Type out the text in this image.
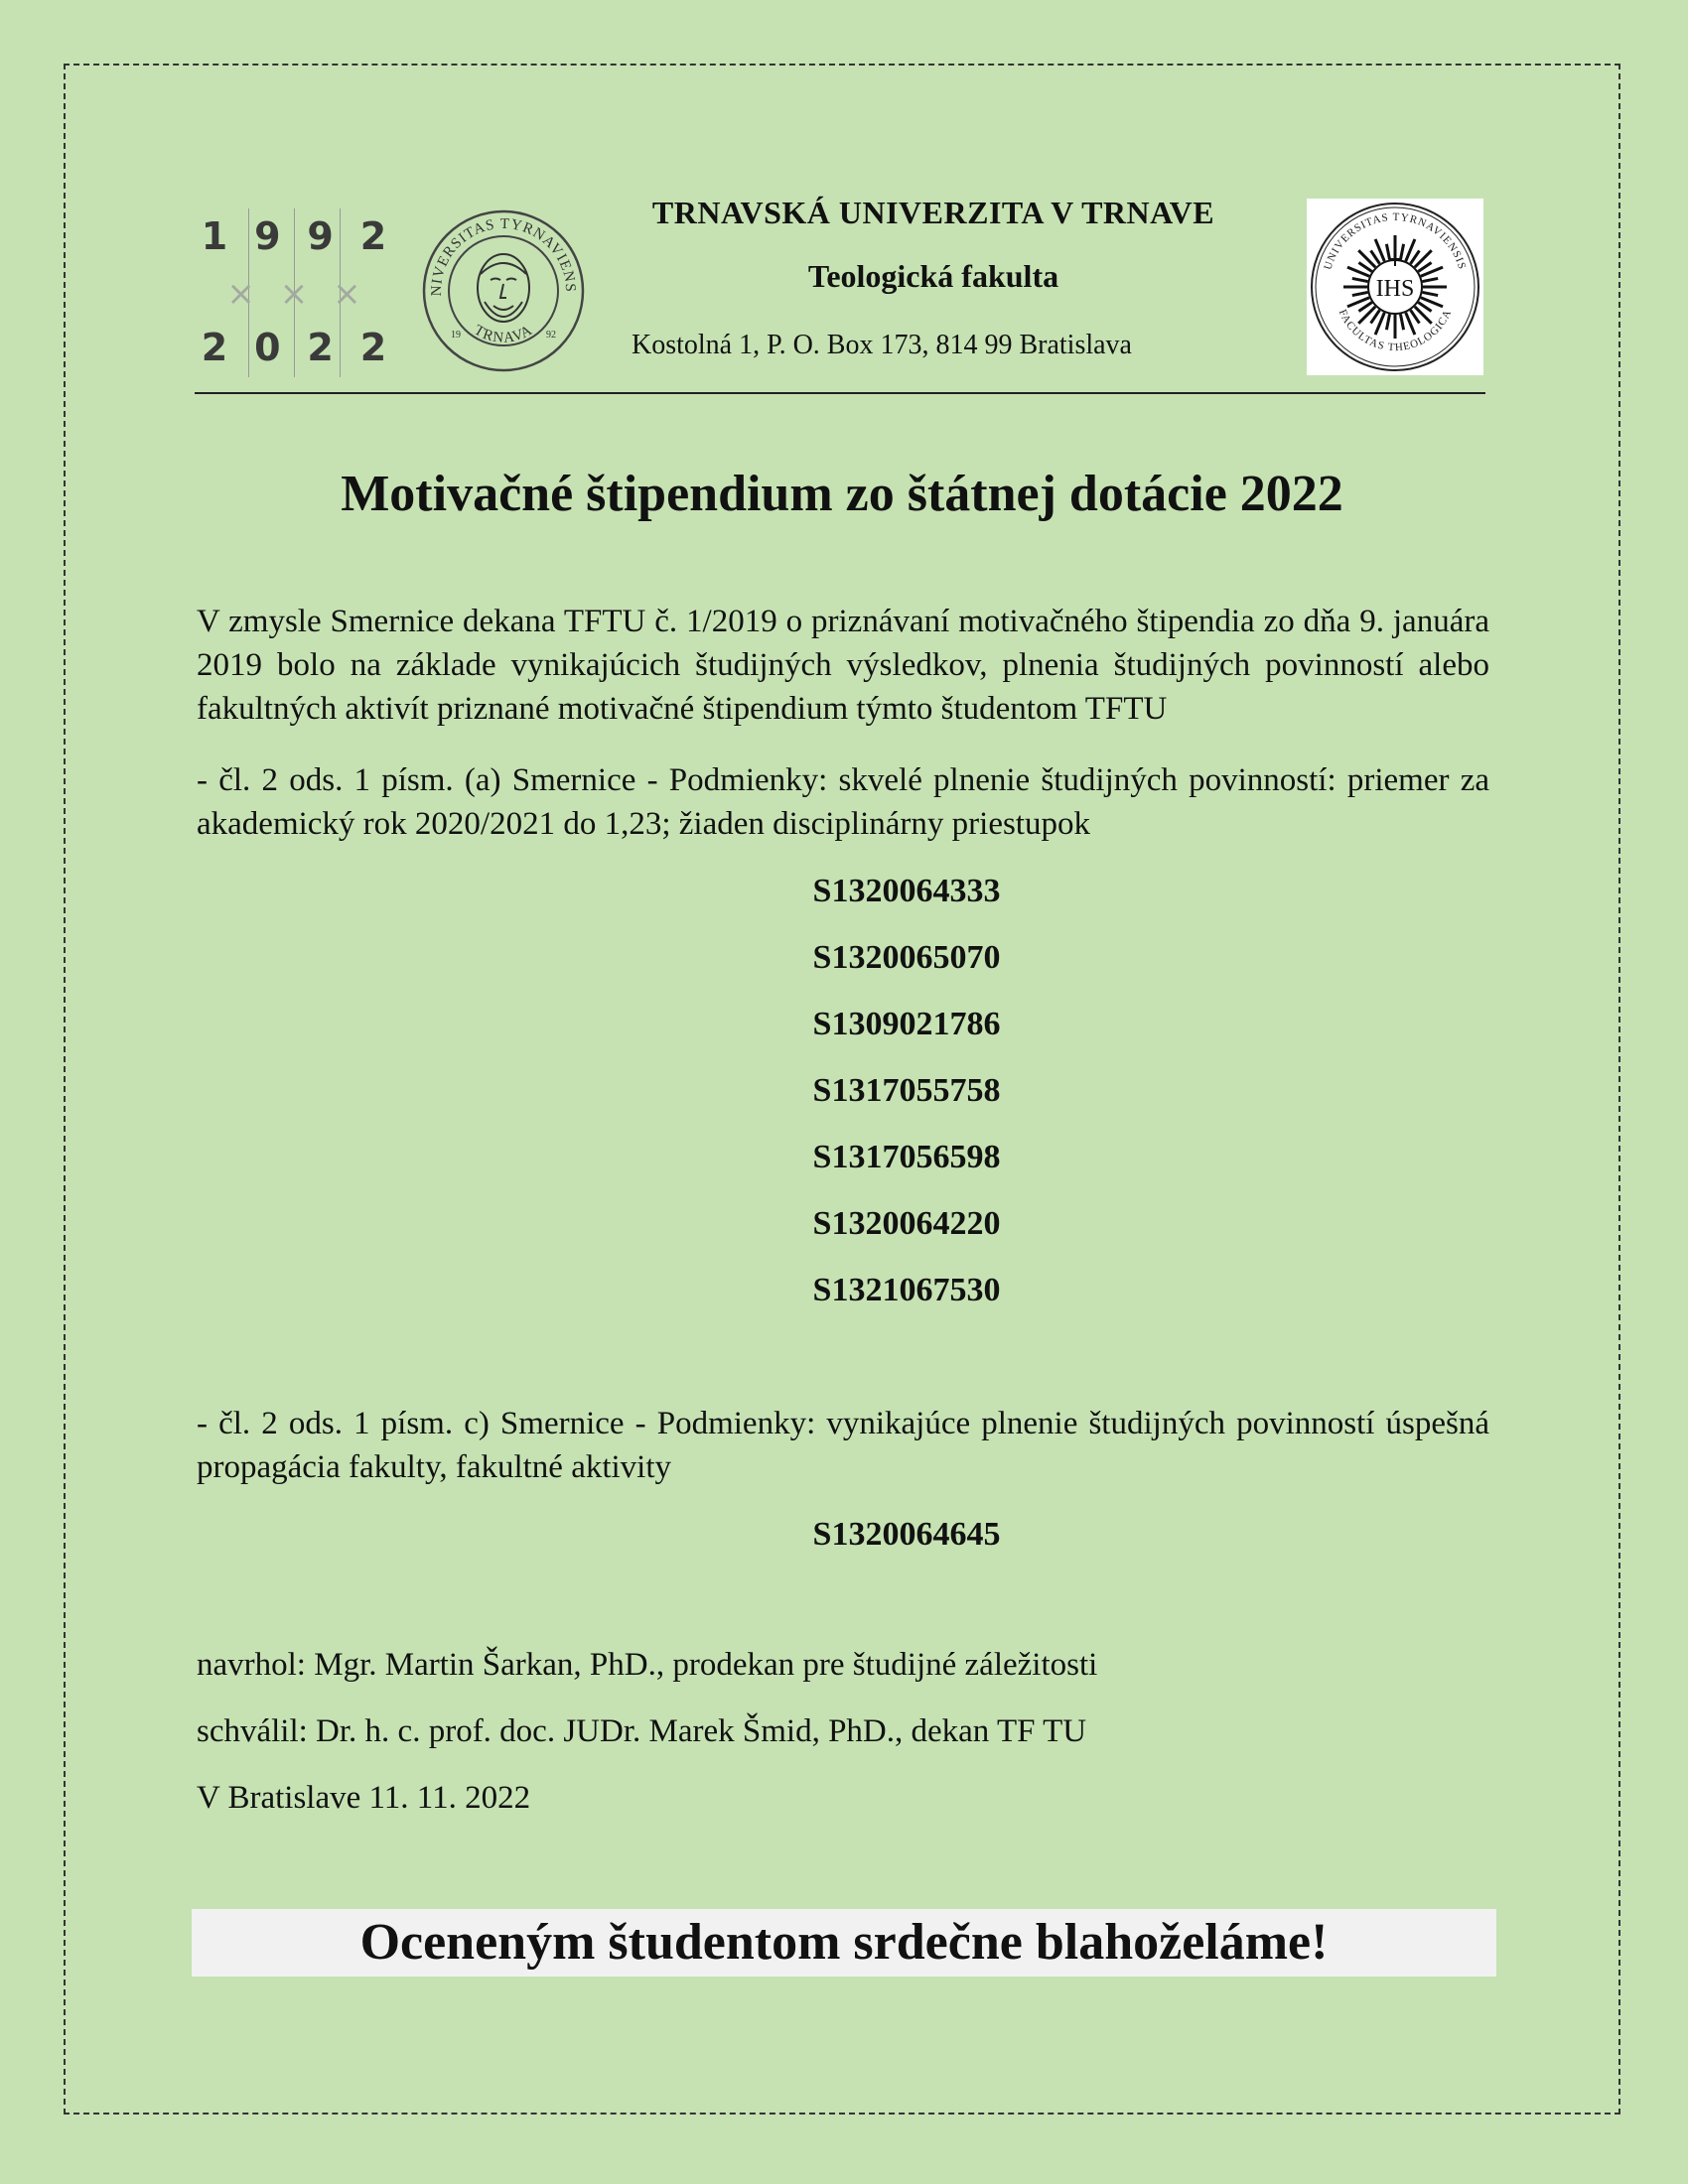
1 9 9 2
× × ×
2 0 2 2
NIVERSITAS TYRNAVIENS
TRNAVA
19	92
TRNAVSKÁ UNIVERZITA V TRNAVE
Teologická fakulta
Kostolná 1, P. O. Box 173, 814 99 Bratislava
UNIVERSITAS TYRNAVIENSIS
FACULTAS THEOLOGICA
IHS
Motivačné štipendium zo štátnej dotácie 2022
V zmysle Smernice dekana TFTU č. 1/2019 o priznávaní motivačného štipendia zo dňa 9. januára 2019 bolo na základe vynikajúcich študijných výsledkov, plnenia študijných povinností alebo fakultných aktivít priznané motivačné štipendium týmto študentom TFTU
- čl. 2 ods. 1 písm. (a) Smernice - Podmienky: skvelé plnenie študijných povinností: priemer za akademický rok 2020/2021 do 1,23; žiaden disciplinárny priestupok
S1320064333
S1320065070
S1309021786
S1317055758
S1317056598
S1320064220
S1321067530
- čl. 2 ods. 1 písm. c) Smernice - Podmienky: vynikajúce plnenie študijných povinností úspešná propagácia fakulty, fakultné aktivity
S1320064645
navrhol: Mgr. Martin Šarkan, PhD., prodekan pre študijné záležitosti
schválil: Dr. h. c. prof. doc. JUDr. Marek Šmid, PhD., dekan TF TU
V Bratislave 11. 11. 2022
Oceneným študentom srdečne blahoželáme!
